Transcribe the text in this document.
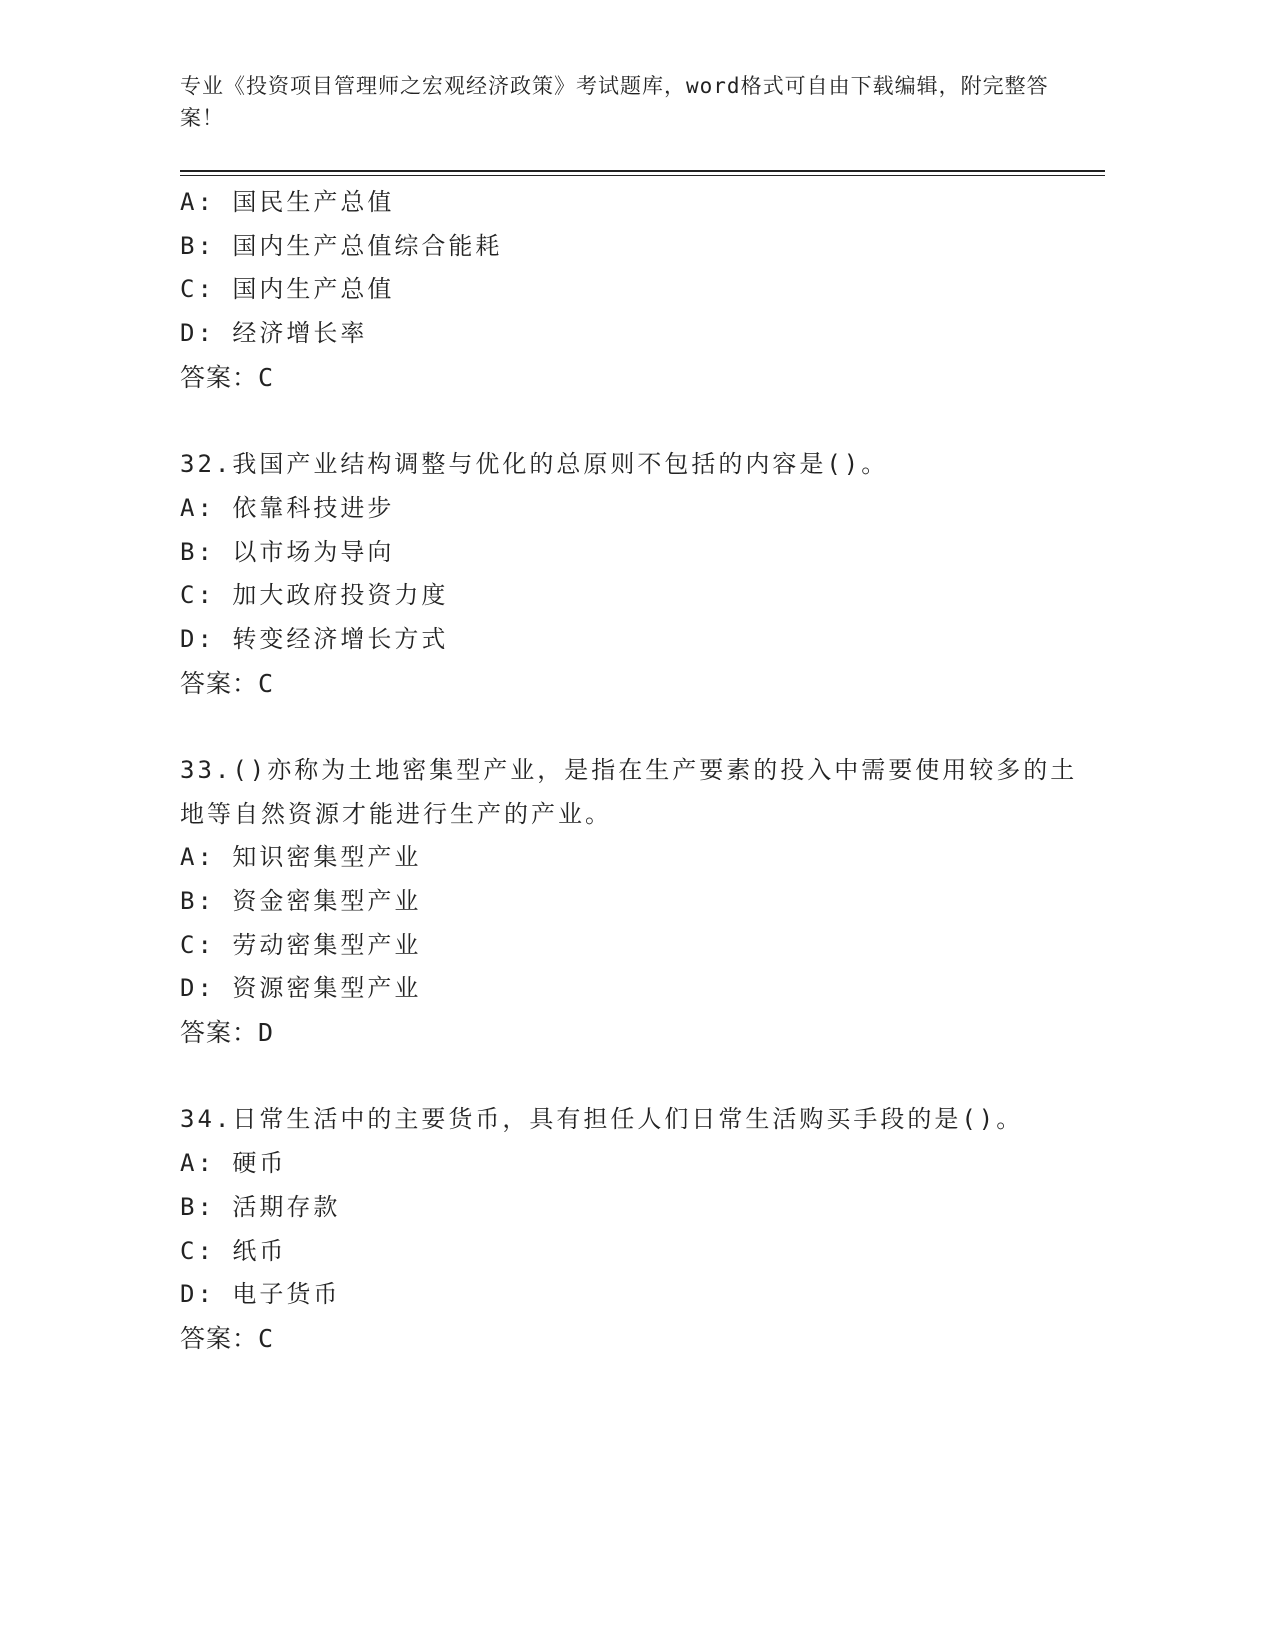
专业《投资项目管理师之宏观经济政策》考试题库，word格式可自由下载编辑，附完整答案！
A: 国民生产总值
B: 国内生产总值综合能耗
C: 国内生产总值
D: 经济增长率
答案：C
32.我国产业结构调整与优化的总原则不包括的内容是()。
A: 依靠科技进步
B: 以市场为导向
C: 加大政府投资力度
D: 转变经济增长方式
答案：C
33.()亦称为土地密集型产业，是指在生产要素的投入中需要使用较多的土地等自然资源才能进行生产的产业。
A: 知识密集型产业
B: 资金密集型产业
C: 劳动密集型产业
D: 资源密集型产业
答案：D
34.日常生活中的主要货币，具有担任人们日常生活购买手段的是()。
A: 硬币
B: 活期存款
C: 纸币
D: 电子货币
答案：C
